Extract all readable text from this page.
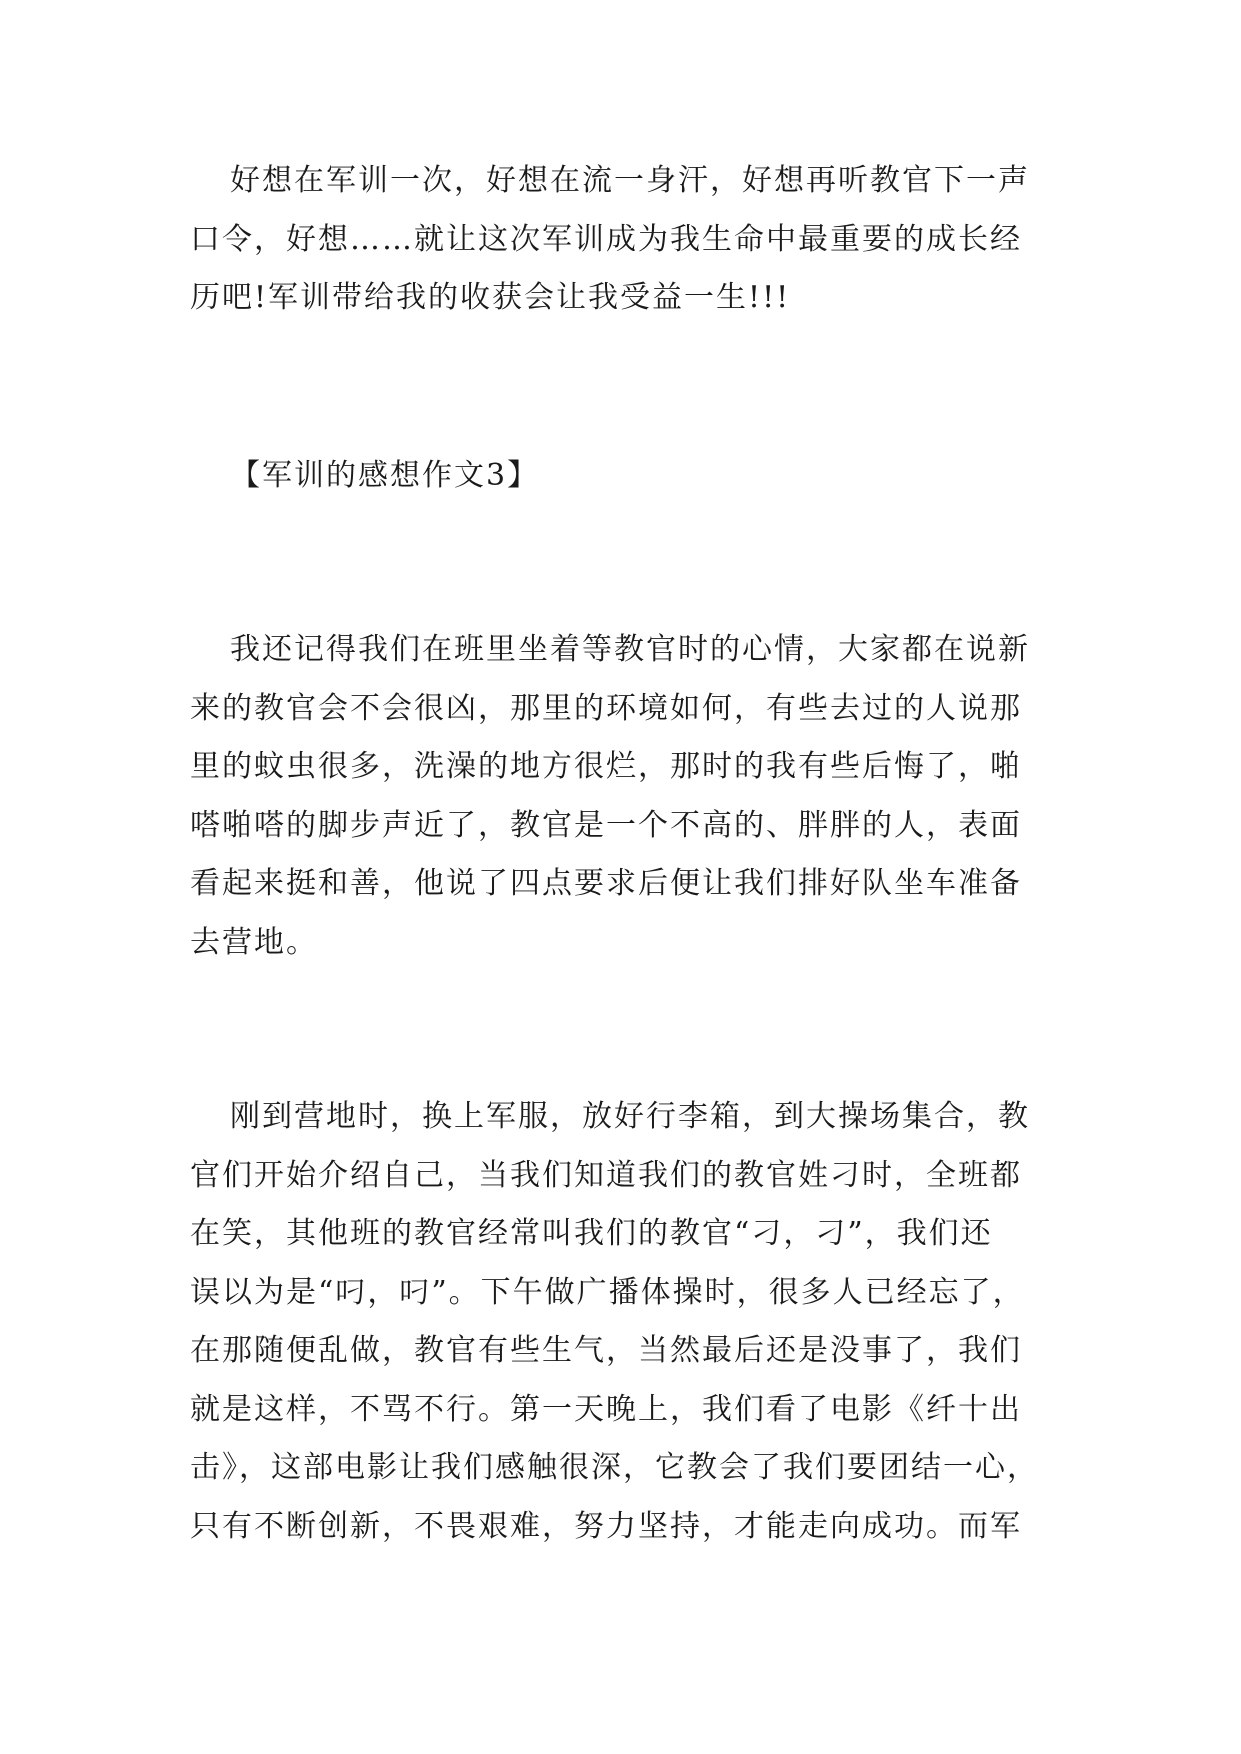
好想在军训一次，好想在流一身汗，好想再听教官下一声
口令，好想……就让这次军训成为我生命中最重要的成长经
历吧!军训带给我的收获会让我受益一生!!!
【军训的感想作文3】
我还记得我们在班里坐着等教官时的心情，大家都在说新
来的教官会不会很凶，那里的环境如何，有些去过的人说那
里的蚊虫很多，洗澡的地方很烂，那时的我有些后悔了，啪
嗒啪嗒的脚步声近了，教官是一个不高的、胖胖的人，表面
看起来挺和善，他说了四点要求后便让我们排好队坐车准备
去营地。
刚到营地时，换上军服，放好行李箱，到大操场集合，教
官们开始介绍自己，当我们知道我们的教官姓刁时，全班都
在笑，其他班的教官经常叫我们的教官“刁，刁”，我们还
误以为是“叼，叼”。下午做广播体操时，很多人已经忘了，
在那随便乱做，教官有些生气，当然最后还是没事了，我们
就是这样，不骂不行。第一天晚上，我们看了电影《纤十出
击》，这部电影让我们感触很深，它教会了我们要团结一心，
只有不断创新，不畏艰难，努力坚持，才能走向成功。而军
